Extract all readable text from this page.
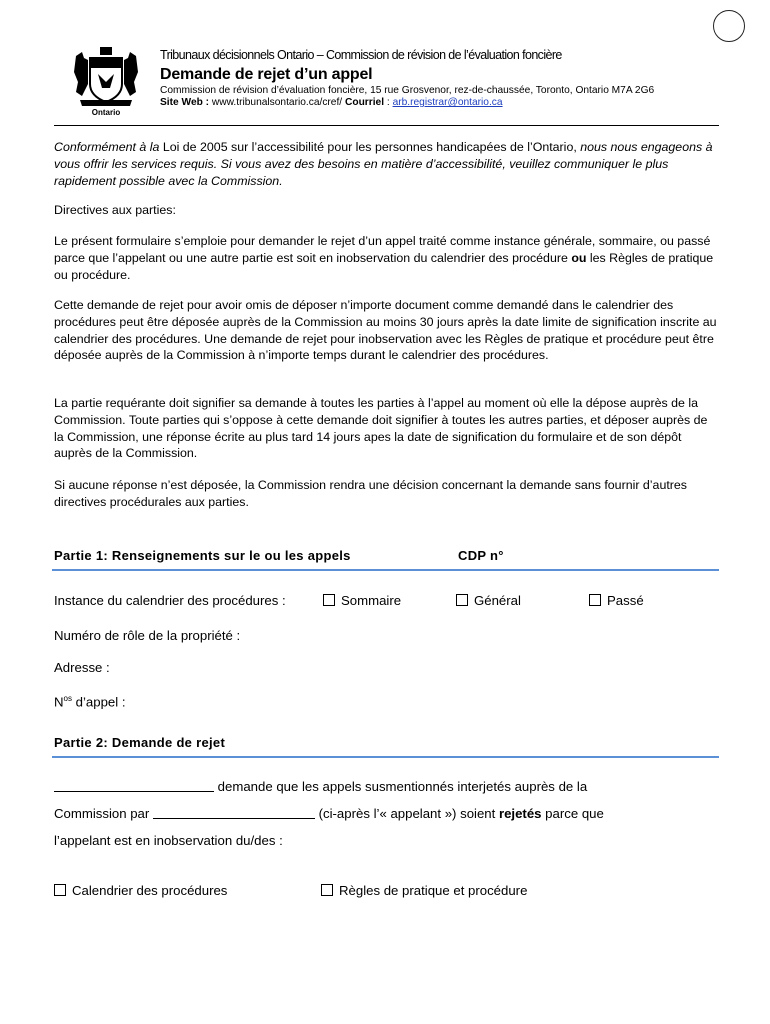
Ontario
Tribunaux décisionnels Ontario – Commission de révision de l’évaluation foncière
Demande de rejet d’un appel
Commission de révision d’évaluation foncière, 15 rue Grosvenor, rez-de-chaussée, Toronto, Ontario M7A 2G6
Site Web : www.tribunalsontario.ca/cref/ Courriel : arb.registrar@ontario.ca
Conformément à la Loi de 2005 sur l’accessibilité pour les personnes handicapées de l’Ontario, nous nous engageons à vous offrir les services requis. Si vous avez des besoins en matière d’accessibilité, veuillez communiquer le plus rapidement possible avec la Commission.
Directives aux parties:
Le présent formulaire s’emploie pour demander le rejet d’un appel traité comme instance générale, sommaire, ou passé parce que l’appelant ou une autre partie est soit en inobservation du calendrier des procédure ou les Règles de pratique ou procédure.
Cette demande de rejet pour avoir omis de déposer n’importe document comme demandé dans le calendrier des procédures peut être déposée auprès de la Commission au moins 30 jours après la date limite de signification inscrite au calendrier des procédures. Une demande de rejet pour inobservation avec les Règles de pratique et procédure peut être déposée auprès de la Commission à n’importe temps durant le calendrier des procédures.
La partie requérante doit signifier sa demande à toutes les parties à l’appel au moment où elle la dépose auprès de la Commission. Toute parties qui s’oppose à cette demande doit signifier à toutes les autres parties, et déposer auprès de la Commission, une réponse écrite au plus tard 14 jours apes la date de signification du formulaire et de son dépôt auprès de la Commission.
Si aucune réponse n’est déposée, la Commission rendra une décision concernant la demande sans fournir d’autres directives procédurales aux parties.
Partie 1: Renseignements sur le ou les appels	CDP n°
Instance du calendrier des procédures :	Sommaire	Général	Passé
Numéro de rôle de la propriété :
Adresse :
$N^{os}$ d’appel :
Partie 2: Demande de rejet
demande que les appels susmentionnés interjetés auprès de la
Commission par	(ci-après l’« appelant ») soient rejetés parce que
l’appelant est en inobservation du/des :
Calendrier des procédures	Règles de pratique et procédure
